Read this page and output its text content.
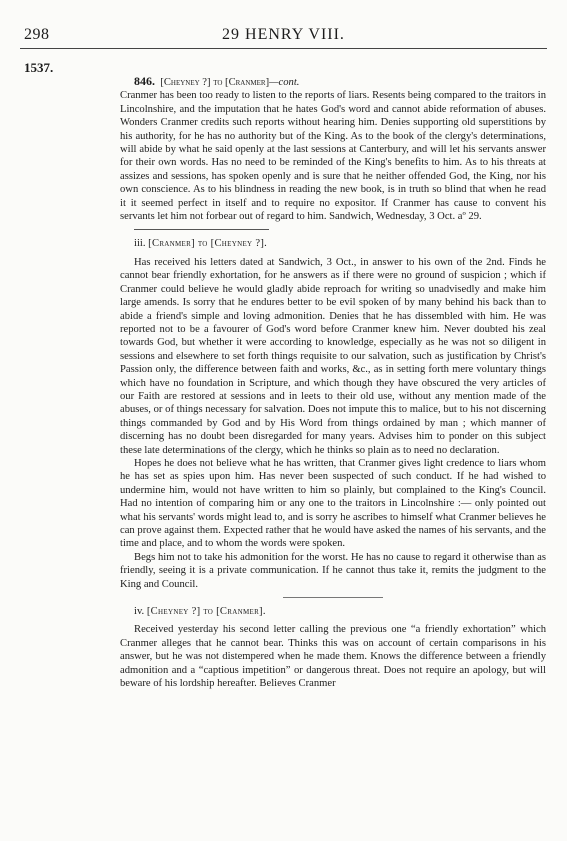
298	29 HENRY VIII.
1537.

846. [Cheyney ?] to [Cranmer]—cont.

Cranmer has been too ready to listen to the reports of liars. Resents being compared to the traitors in Lincolnshire, and the imputation that he hates God's word and cannot abide reformation of abuses. Wonders Cranmer credits such reports without hearing him. Denies supporting old superstitions by his authority, for he has no authority but of the King. As to the book of the clergy's determinations, will abide by what he said openly at the last sessions at Canterbury, and will let his servants answer for their own words. Has no need to be reminded of the King's benefits to him. As to his threats at assizes and sessions, has spoken openly and is sure that he neither offended God, the King, nor his own conscience. As to his blindness in reading the new book, is in truth so blind that when he read it it seemed perfect in itself and to require no expositor. If Cranmer has cause to convent his servants let him not forbear out of regard to him. Sandwich, Wednesday, 3 Oct. aº 29.

iii. [Cranmer] to [Cheyney ?].

Has received his letters dated at Sandwich, 3 Oct., in answer to his own of the 2nd. Finds he cannot bear friendly exhortation, for he answers as if there were no ground of suspicion ; which if Cranmer could believe he would gladly abide reproach for writing so unadvisedly and make him large amends. Is sorry that he endures better to be evil spoken of by many behind his back than to abide a friend's simple and loving admonition. Denies that he has dissembled with him. He was reported not to be a favourer of God's word before Cranmer knew him. Never doubted his zeal towards God, but whether it were according to knowledge, especially as he was not so diligent in sessions and elsewhere to set forth things requisite to our salvation, such as justification by Christ's Passion only, the difference between faith and works, &c., as in setting forth mere voluntary things which have no foundation in Scripture, and which though they have obscured the very articles of our Faith are restored at sessions and in leets to their old use, without any mention made of the abuses, or of things necessary for salvation. Does not impute this to malice, but to his not discerning things commanded by God and by His Word from things ordained by man ; which manner of discerning has no doubt been disregarded for many years. Advises him to ponder on this subject these late determinations of the clergy, which he thinks so plain as to need no declaration.

Hopes he does not believe what he has written, that Cranmer gives light credence to liars whom he has set as spies upon him. Has never been suspected of such conduct. If he had wished to undermine him, would not have written to him so plainly, but complained to the King's Council. Had no intention of comparing him or any one to the traitors in Lincolnshire :— only pointed out what his servants' words might lead to, and is sorry he ascribes to himself what Cranmer believes he can prove against them. Expected rather that he would have asked the names of his servants, and the time and place, and to whom the words were spoken.

Begs him not to take his admonition for the worst. He has no cause to regard it otherwise than as friendly, seeing it is a private communication. If he cannot thus take it, remits the judgment to the King and Council.

iv. [Cheyney ?] to [Cranmer].

Received yesterday his second letter calling the previous one “a friendly exhortation” which Cranmer alleges that he cannot bear. Thinks this was on account of certain comparisons in his answer, but he was not distempered when he made them. Knows the difference between a friendly admonition and a “captious impetition” or dangerous threat. Does not require an apology, but will beware of his lordship hereafter. Believes Cranmer
